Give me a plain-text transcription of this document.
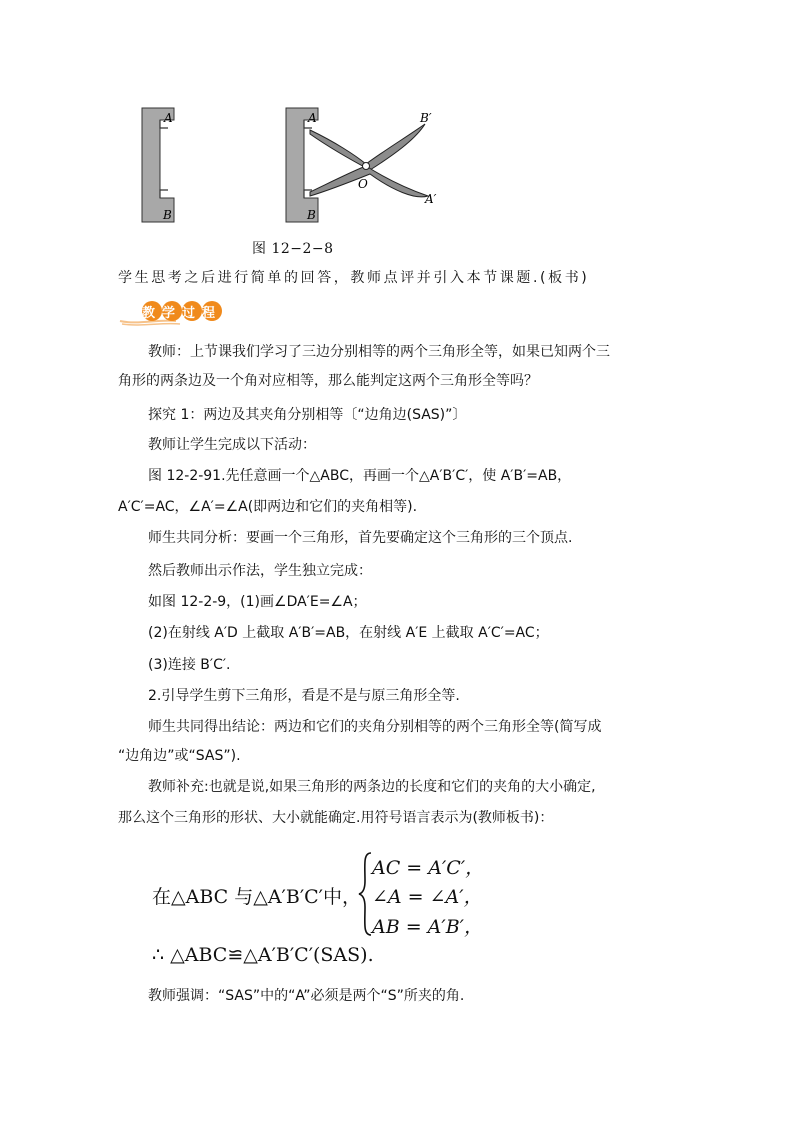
A
B
A
B
B′
O
A′
图 12−2−8
学生思考之后进行简单的回答，教师点评并引入本节课题.(板书)
教学过程
教师：上节课我们学习了三边分别相等的两个三角形全等，如果已知两个三
角形的两条边及一个角对应相等，那么能判定这两个三角形全等吗？
探究 1：两边及其夹角分别相等〔“边角边(SAS)”〕
教师让学生完成以下活动：
图 12-2-91.先任意画一个△ABC，再画一个△A′B′C′，使 A′B′=AB，
A′C′=AC，∠A′=∠A(即两边和它们的夹角相等).
师生共同分析：要画一个三角形，首先要确定这个三角形的三个顶点.
然后教师出示作法，学生独立完成：
如图 12-2-9，(1)画∠DA′E=∠A；
(2)在射线 A′D 上截取 A′B′=AB，在射线 A′E 上截取 A′C′=AC；
(3)连接 B′C′.
2.引导学生剪下三角形，看是不是与原三角形全等.
师生共同得出结论：两边和它们的夹角分别相等的两个三角形全等(简写成
“边角边”或“SAS”).
教师补充:也就是说,如果三角形的两条边的长度和它们的夹角的大小确定,
那么这个三角形的形状、大小就能确定.用符号语言表示为(教师板书)：
在△ABC 与△A′B′C′中，
AC = A′C′，
∠A = ∠A′，
AB = A′B′，
∴ △ABC≌△A′B′C′(SAS).
教师强调：“SAS”中的“A”必须是两个“S”所夹的角.
